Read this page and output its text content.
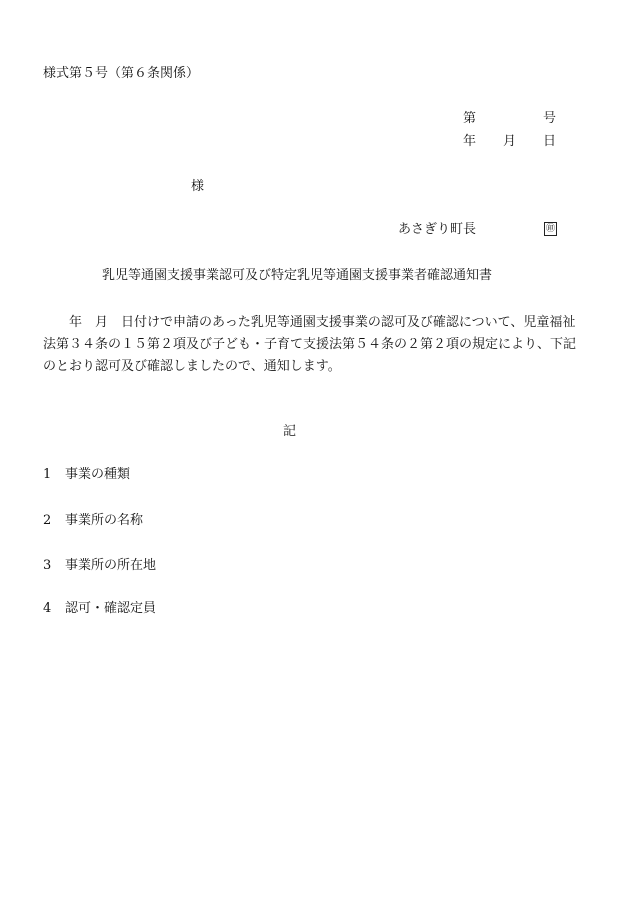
様式第５号（第６条関係）
第	号
年 月 日
様
あさぎり町長	㊞
乳児等通園支援事業認可及び特定乳児等通園支援事業者確認通知書

年　月　日付けで申請のあった乳児等通園支援事業の認可及び確認について、児童福祉法第３４条の１５第２項及び子ども・子育て支援法第５４条の２第２項の規定により、下記のとおり認可及び確認しましたので、通知します。

記
1 事業の種類
2 事業所の名称
3 事業所の所在地
4 認可・確認定員
